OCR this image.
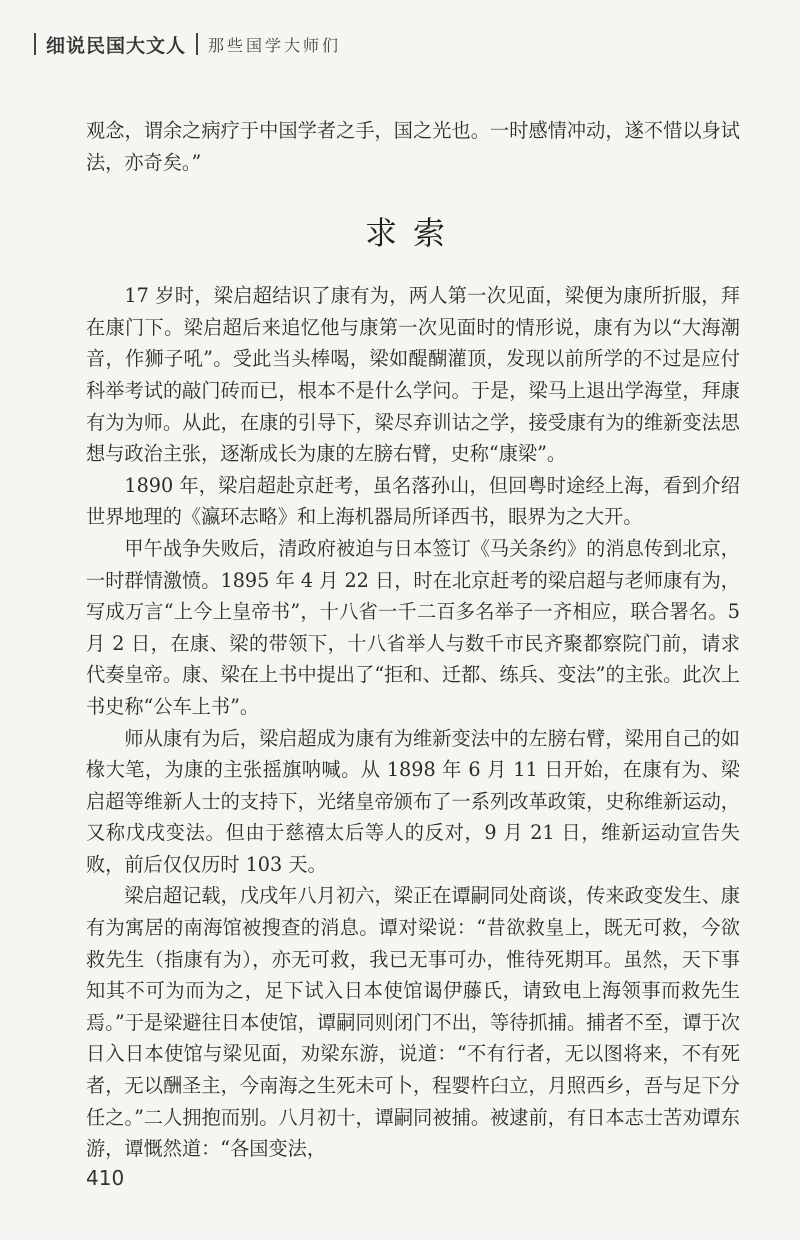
细说民国大文人 那些国学大师们

观念，谓余之病疗于中国学者之手，国之光也。一时感情冲动，遂不惜以身试法，亦奇矣。”

求索

17 岁时，梁启超结识了康有为，两人第一次见面，梁便为康所折服，拜在康门下。梁启超后来追忆他与康第一次见面时的情形说，康有为以“大海潮音，作狮子吼”。受此当头棒喝，梁如醍醐灌顶，发现以前所学的不过是应付科举考试的敲门砖而已，根本不是什么学问。于是，梁马上退出学海堂，拜康有为为师。从此，在康的引导下，梁尽弃训诂之学，接受康有为的维新变法思想与政治主张，逐渐成长为康的左膀右臂，史称“康梁”。

1890 年，梁启超赴京赶考，虽名落孙山，但回粤时途经上海，看到介绍世界地理的《瀛环志略》和上海机器局所译西书，眼界为之大开。

甲午战争失败后，清政府被迫与日本签订《马关条约》的消息传到北京，一时群情激愤。1895 年 4 月 22 日，时在北京赶考的梁启超与老师康有为，写成万言“上今上皇帝书”，十八省一千二百多名举子一齐相应，联合署名。5 月 2 日，在康、梁的带领下，十八省举人与数千市民齐聚都察院门前，请求代奏皇帝。康、梁在上书中提出了“拒和、迁都、练兵、变法”的主张。此次上书史称“公车上书”。

师从康有为后，梁启超成为康有为维新变法中的左膀右臂，梁用自己的如椽大笔，为康的主张摇旗呐喊。从 1898 年 6 月 11 日开始，在康有为、梁启超等维新人士的支持下，光绪皇帝颁布了一系列改革政策，史称维新运动，又称戊戌变法。但由于慈禧太后等人的反对，9 月 21 日，维新运动宣告失败，前后仅仅历时 103 天。

梁启超记载，戊戌年八月初六，梁正在谭嗣同处商谈，传来政变发生、康有为寓居的南海馆被搜查的消息。谭对梁说：“昔欲救皇上，既无可救，今欲救先生（指康有为），亦无可救，我已无事可办，惟待死期耳。虽然，天下事知其不可为而为之，足下试入日本使馆谒伊藤氏，请致电上海领事而救先生焉。”于是梁避往日本使馆，谭嗣同则闭门不出，等待抓捕。捕者不至，谭于次日入日本使馆与梁见面，劝梁东游，说道：“不有行者，无以图将来，不有死者，无以酬圣主，今南海之生死未可卜，程婴杵臼立，月照西乡，吾与足下分任之。”二人拥抱而别。八月初十，谭嗣同被捕。被逮前，有日本志士苦劝谭东游，谭慨然道：“各国变法，

410
